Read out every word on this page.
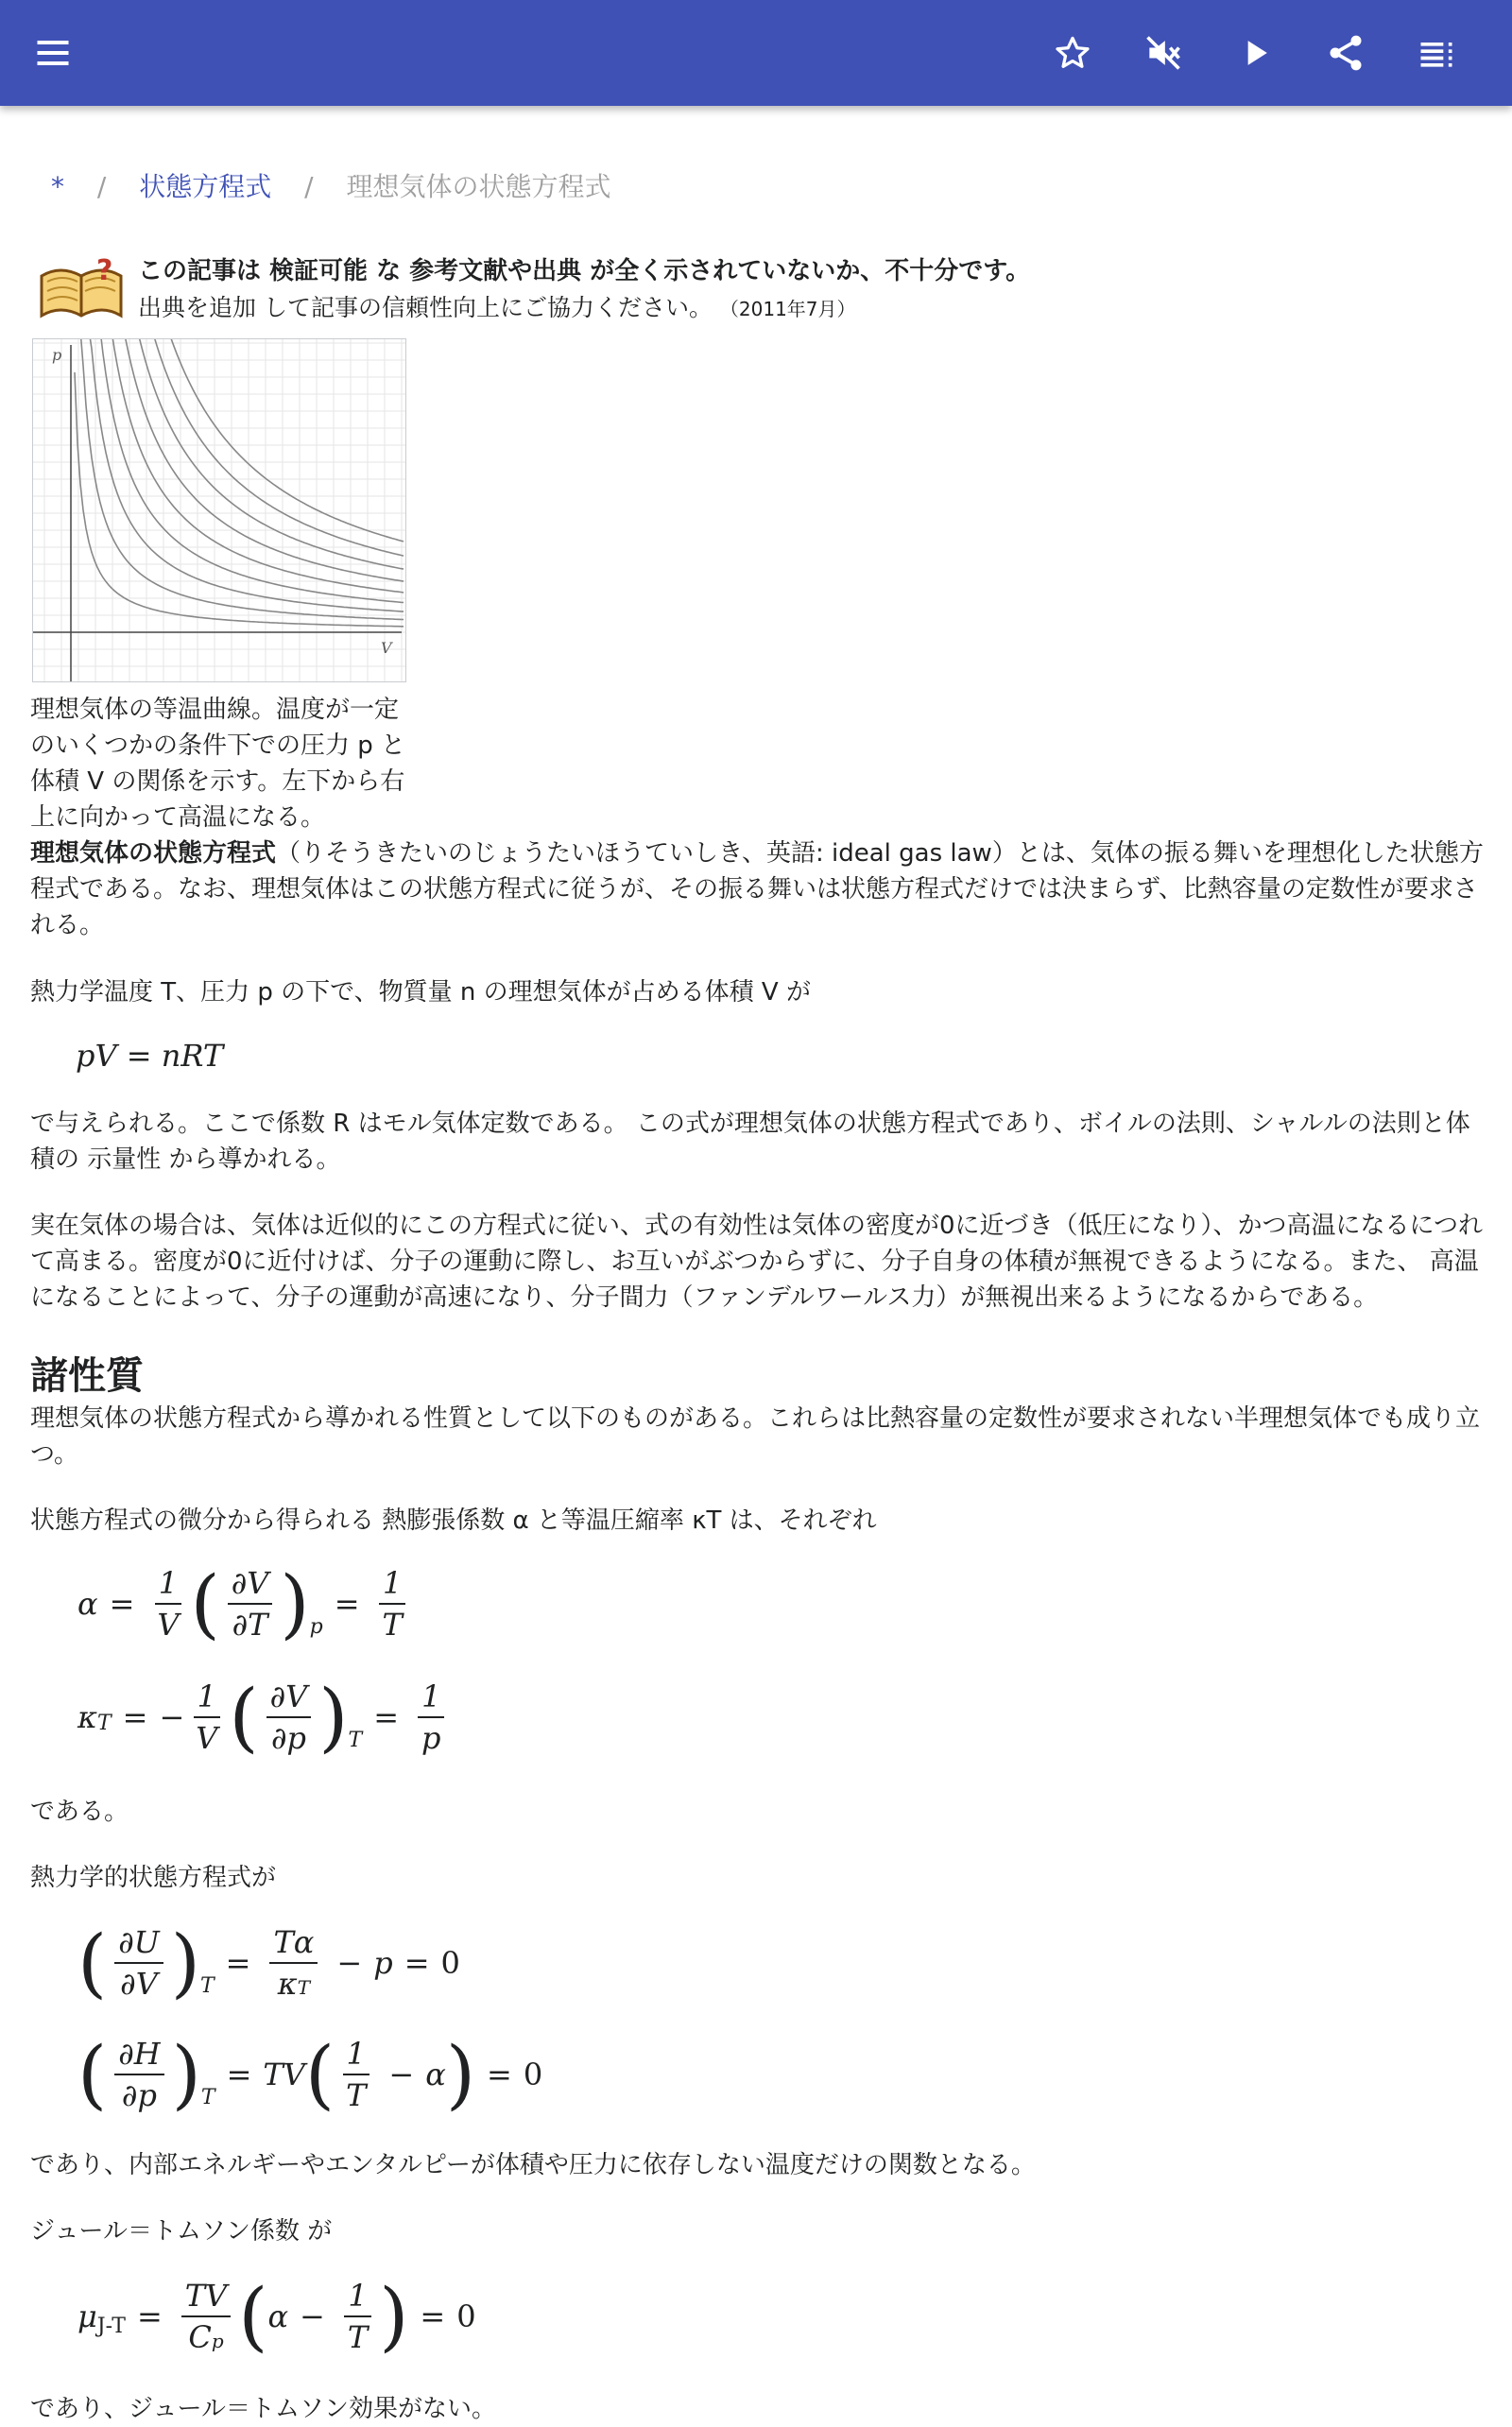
* / 状態方程式 / 理想気体の状態方程式
? この記事は 検証可能 な 参考文献や出典 が全く示されていないか、不十分です。
出典を追加 して記事の信頼性向上にご協力ください。 （2011年7月）
p
V
理想気体の等温曲線。温度が一定のいくつかの条件下での圧力 p と体積 V の関係を示す。左下から右上に向かって高温になる。
理想気体の状態方程式（りそうきたいのじょうたいほうていしき、英語: ideal gas law）とは、気体の振る舞いを理想化した状態方程式である。なお、理想気体はこの状態方程式に従うが、その振る舞いは状態方程式だけでは決まらず、比熱容量の定数性が要求される。
熱力学温度 T、圧力 p の下で、物質量 n の理想気体が占める体積 V が
pV = nRT
で与えられる。ここで係数 R はモル気体定数である。 この式が理想気体の状態方程式であり、ボイルの法則、シャルルの法則と体積の 示量性 から導かれる。
実在気体の場合は、気体は近似的にこの方程式に従い、式の有効性は気体の密度が0に近づき（低圧になり）、かつ高温になるにつれて高まる。密度が0に近付けば、分子の運動に際し、お互いがぶつからずに、分子自身の体積が無視できるようになる。また、 高温になることによって、分子の運動が高速になり、分子間力（ファンデルワールス力）が無視出来るようになるからである。
諸性質
理想気体の状態方程式から導かれる性質として以下のものがある。これらは比熱容量の定数性が要求されない半理想気体でも成り立つ。
状態方程式の微分から得られる 熱膨張係数 α と等温圧縮率 κT は、それぞれ
$\alpha = \frac{1}{V}$ ( $\frac{\partial V}{\partial T}$ ) p
= $\frac{1}{T}$
κ T = − $\frac{1}{V}$ ( $\frac{\partial V}{\partial p}$ ) T
= $\frac{1}{p}$
である。
熱力学的状態方程式が
( $\frac{\partial U}{\partial V}$ ) T
= $\frac{T\alpha}{\kappa T} - p = 0$
( $\frac{\partial H}{\partial p}$ ) T
= TV ( $\frac{1}{T} - \alpha$ ) = 0
であり、内部エネルギーやエンタルピーが体積や圧力に依存しない温度だけの関数となる。
ジュール＝トムソン係数 が
μ $J-T = \frac{TV}{Cp}$ ( $\alpha - \frac{1}{T}$ ) = 0
であり、ジュール＝トムソン効果がない。
